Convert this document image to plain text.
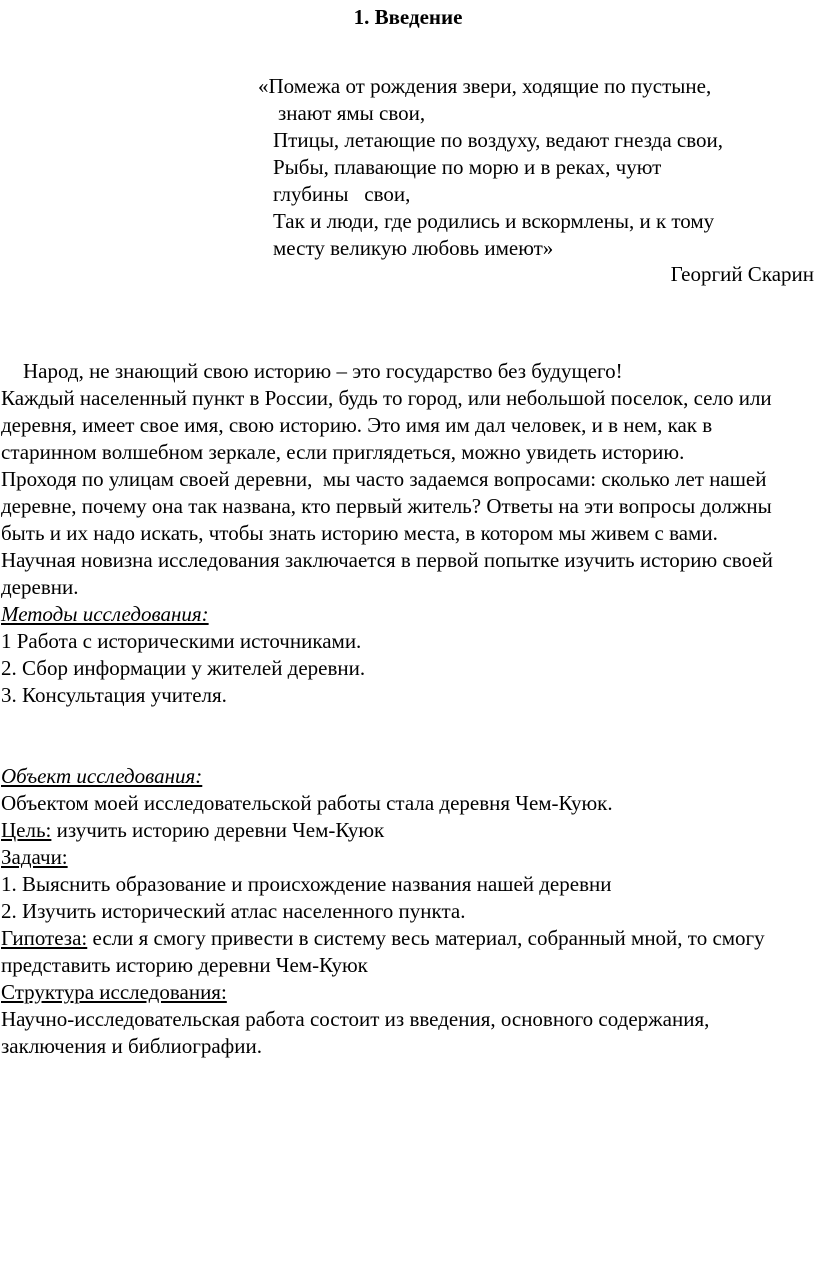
1. Введение
«Помежа от рождения звери, ходящие по пустыне,
знают ямы свои,
Птицы, летающие по воздуху, ведают гнезда свои,
Рыбы, плавающие по морю и в реках, чуют
глубины   свои,
Так и люди, где родились и вскормлены, и к тому
месту великую любовь имеют»
Георгий Скарин

Народ, не знающий свою историю – это государство без будущего!

Каждый населенный пункт в России, будь то город, или небольшой поселок, село или деревня, имеет свое имя, свою историю. Это имя им дал человек, и в нем, как в старинном волшебном зеркале, если приглядеться, можно увидеть историю.

Проходя по улицам своей деревни,  мы часто задаемся вопросами: сколько лет нашей деревне, почему она так названа, кто первый житель? Ответы на эти вопросы должны быть и их надо искать, чтобы знать историю места, в котором мы живем с вами.

Научная новизна исследования заключается в первой попытке изучить историю своей деревни.

Методы исследования:

1 Работа с историческими источниками.

2. Сбор информации у жителей деревни.

3. Консультация учителя.

Объект исследования:

Объектом моей исследовательской работы стала деревня Чем-Куюк.

Цель: изучить историю деревни Чем-Куюк

Задачи:

1. Выяснить образование и происхождение названия нашей деревни

2. Изучить исторический атлас населенного пункта.

Гипотеза: если я смогу привести в систему весь материал, собранный мной, то смогу представить историю деревни Чем-Куюк

Структура исследования:

Научно-исследовательская работа состоит из введения, основного содержания, заключения и библиографии.
